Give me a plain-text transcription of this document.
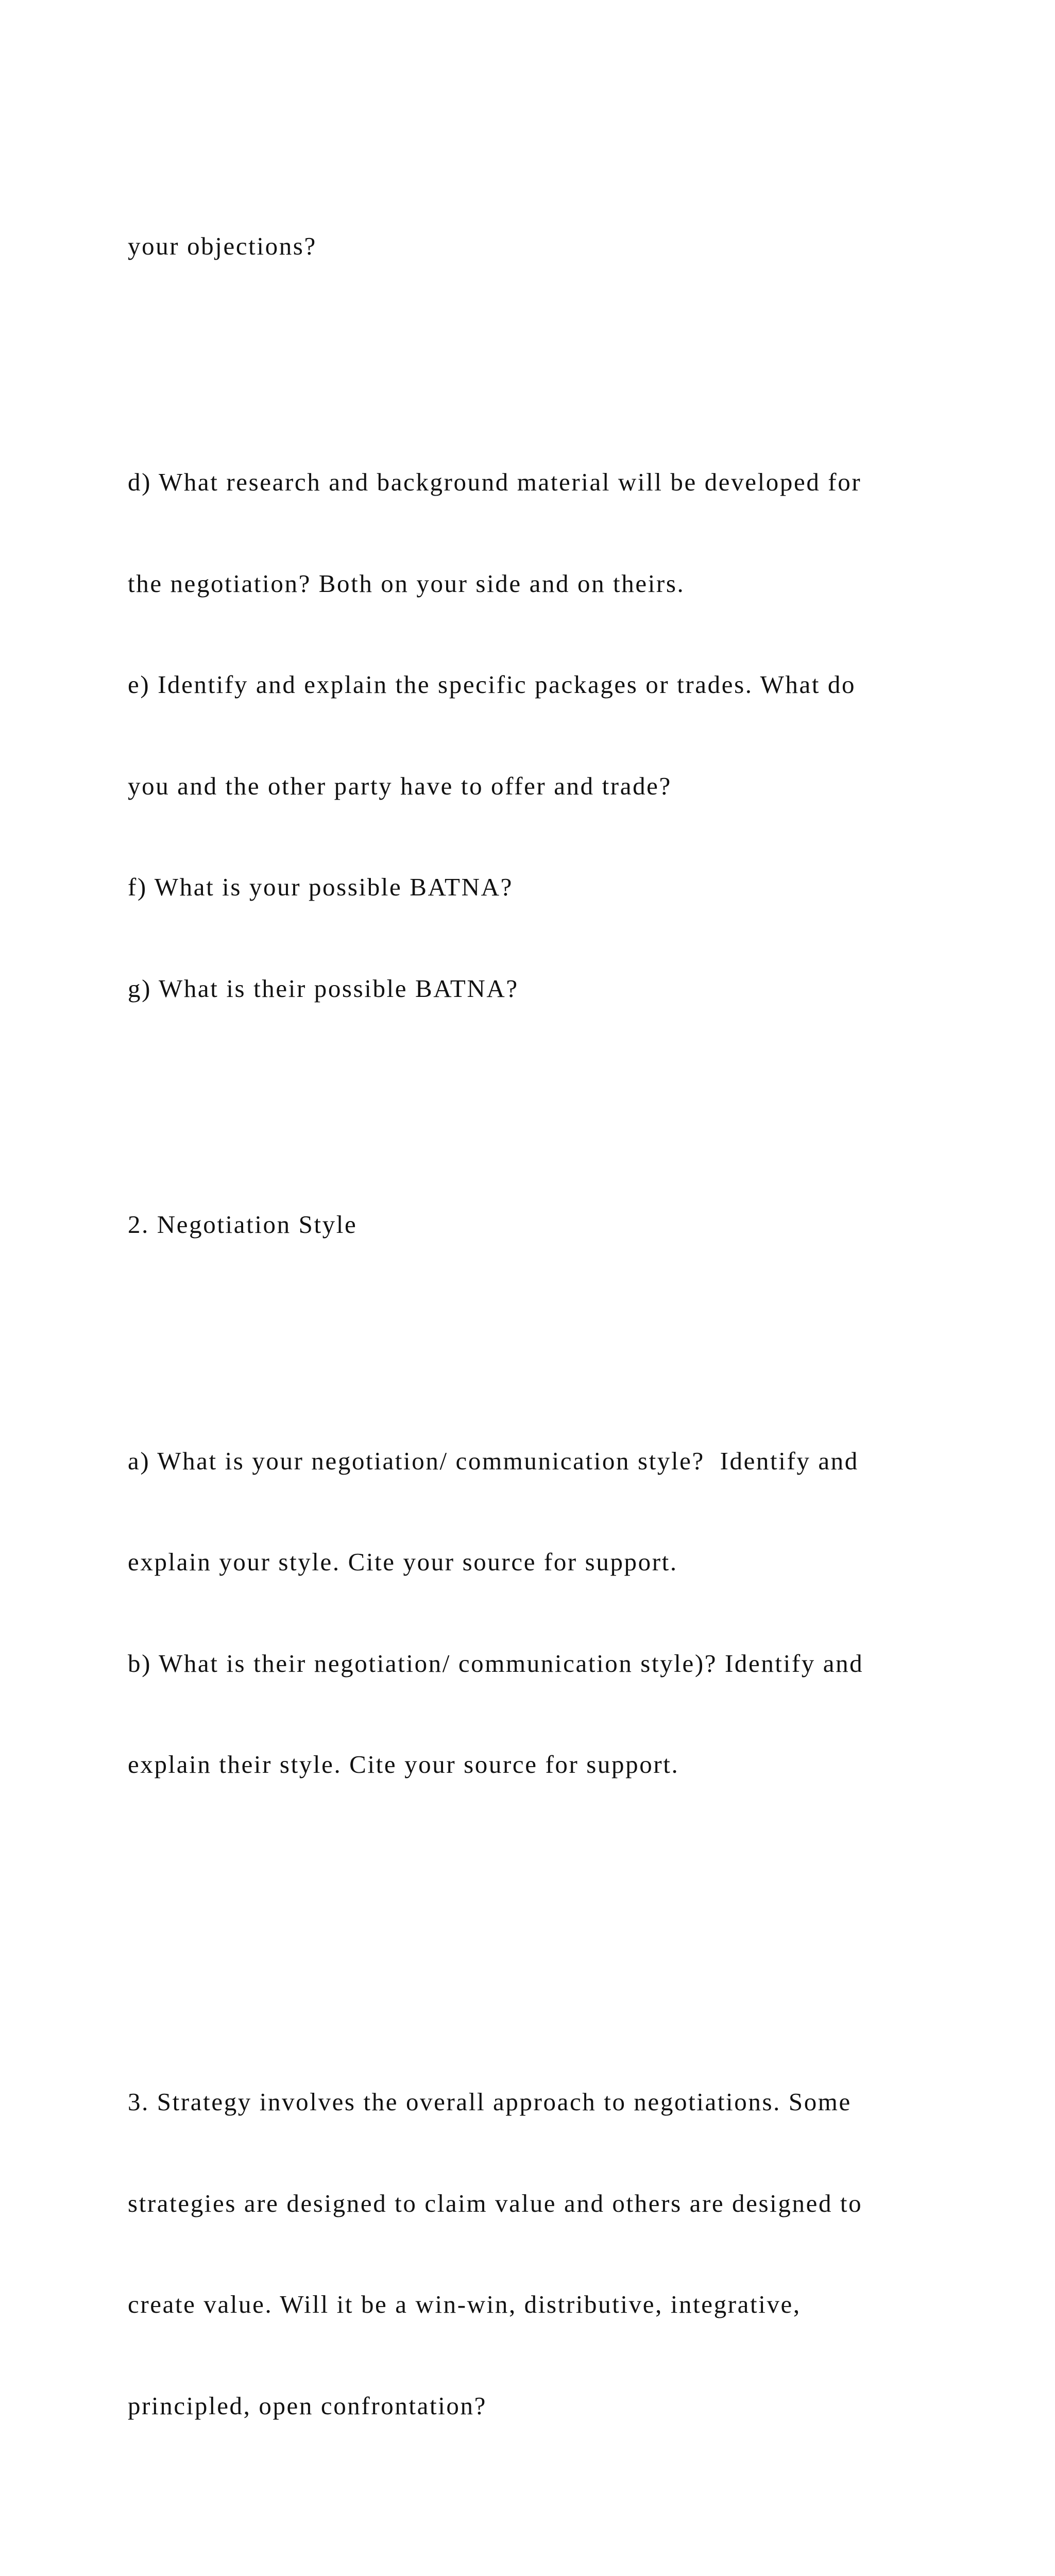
your objections?

d) What research and background material will be developed for

the negotiation? Both on your side and on theirs.

e) Identify and explain the specific packages or trades. What do

you and the other party have to offer and trade?

f) What is your possible BATNA?

g) What is their possible BATNA?

2. Negotiation Style

a) What is your negotiation/ communication style?  Identify and

explain your style. Cite your source for support.

b) What is their negotiation/ communication style)? Identify and

explain their style. Cite your source for support.

3. Strategy involves the overall approach to negotiations. Some

strategies are designed to claim value and others are designed to

create value. Will it be a win-win, distributive, integrative,

principled, open confrontation?
